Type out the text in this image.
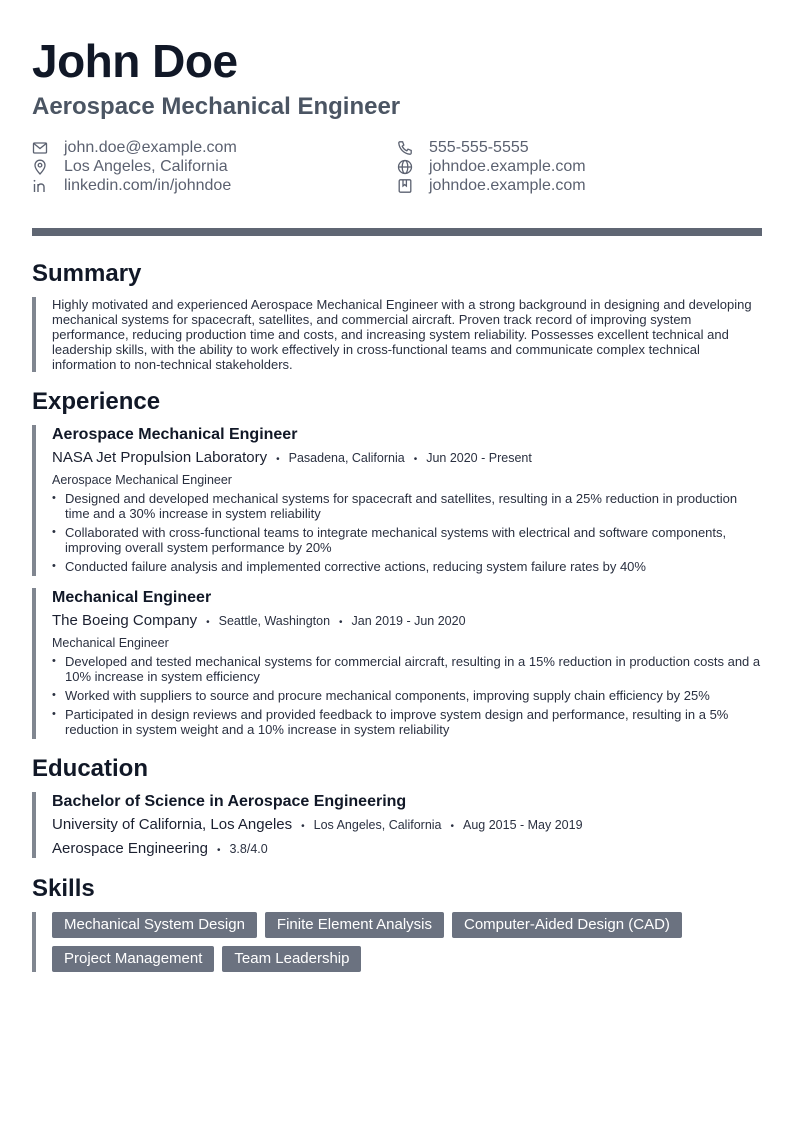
John Doe
Aerospace Mechanical Engineer
john.doe@example.com	555-555-5555
Los Angeles, California	johndoe.example.com
linkedin.com/in/johndoe	johndoe.example.com
Summary

Highly motivated and experienced Aerospace Mechanical Engineer with a strong background in designing and developing mechanical systems for spacecraft, satellites, and commercial aircraft. Proven track record of improving system performance, reducing production time and costs, and increasing system reliability. Possesses excellent technical and leadership skills, with the ability to work effectively in cross-functional teams and communicate complex technical information to non-technical stakeholders.

Experience
Aerospace Mechanical Engineer
NASA Jet Propulsion Laboratory • Pasadena, California • Jun 2020 - Present
Aerospace Mechanical Engineer
• Designed and developed mechanical systems for spacecraft and satellites, resulting in a 25% reduction in production time and a 30% increase in system reliability
• Collaborated with cross-functional teams to integrate mechanical systems with electrical and software components, improving overall system performance by 20%
• Conducted failure analysis and implemented corrective actions, reducing system failure rates by 40%
Mechanical Engineer
The Boeing Company • Seattle, Washington • Jan 2019 - Jun 2020
Mechanical Engineer
• Developed and tested mechanical systems for commercial aircraft, resulting in a 15% reduction in production costs and a 10% increase in system efficiency
• Worked with suppliers to source and procure mechanical components, improving supply chain efficiency by 25%
• Participated in design reviews and provided feedback to improve system design and performance, resulting in a 5% reduction in system weight and a 10% increase in system reliability
Education
Bachelor of Science in Aerospace Engineering
University of California, Los Angeles • Los Angeles, California • Aug 2015 - May 2019
Aerospace Engineering • 3.8/4.0
Skills
Mechanical System Design	Finite Element Analysis	Computer-Aided Design (CAD)
Project Management	Team Leadership
